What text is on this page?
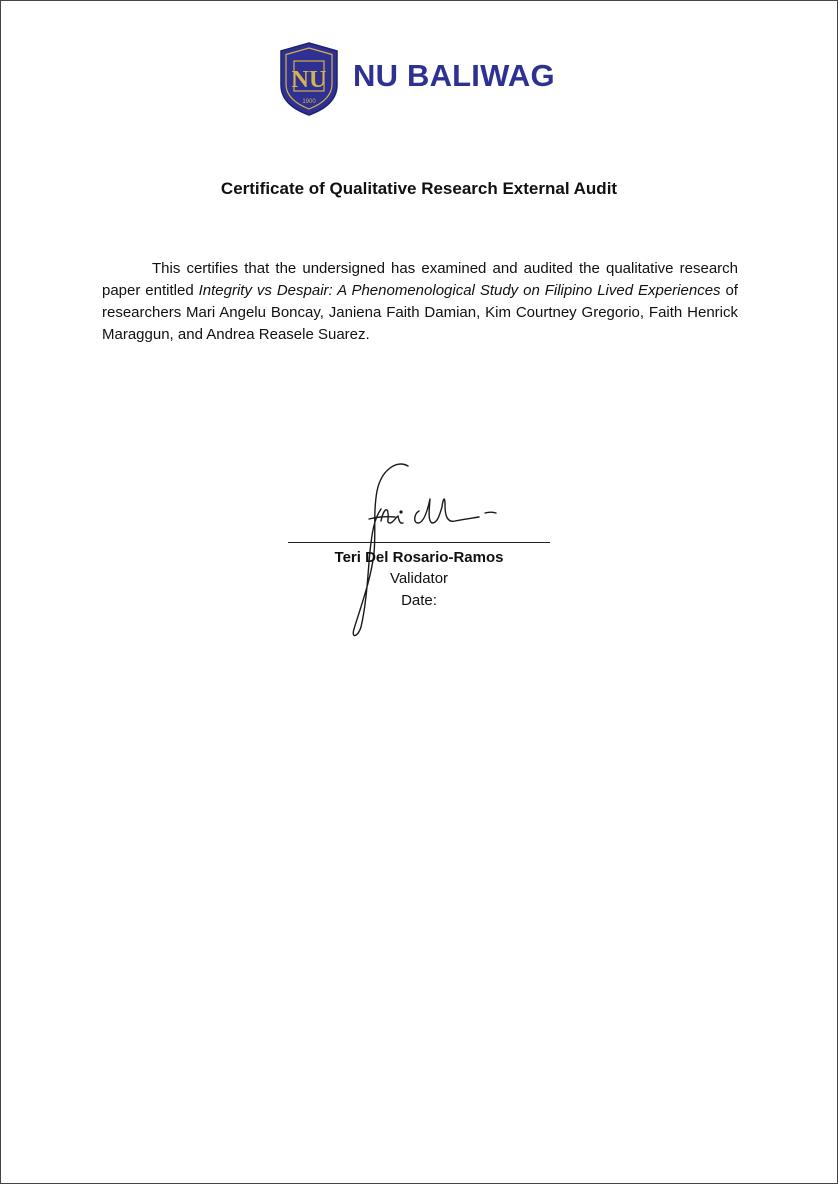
NU
1900
NU BALIWAG
Certificate of Qualitative Research External Audit

This certifies that the undersigned has examined and audited the qualitative research paper entitled Integrity vs Despair: A Phenomenological Study on Filipino Lived Experiences of researchers Mari Angelu Boncay, Janiena Faith Damian, Kim Courtney Gregorio, Faith Henrick Maraggun, and Andrea Reasele Suarez.

Teri Del Rosario-Ramos
Validator
Date:
